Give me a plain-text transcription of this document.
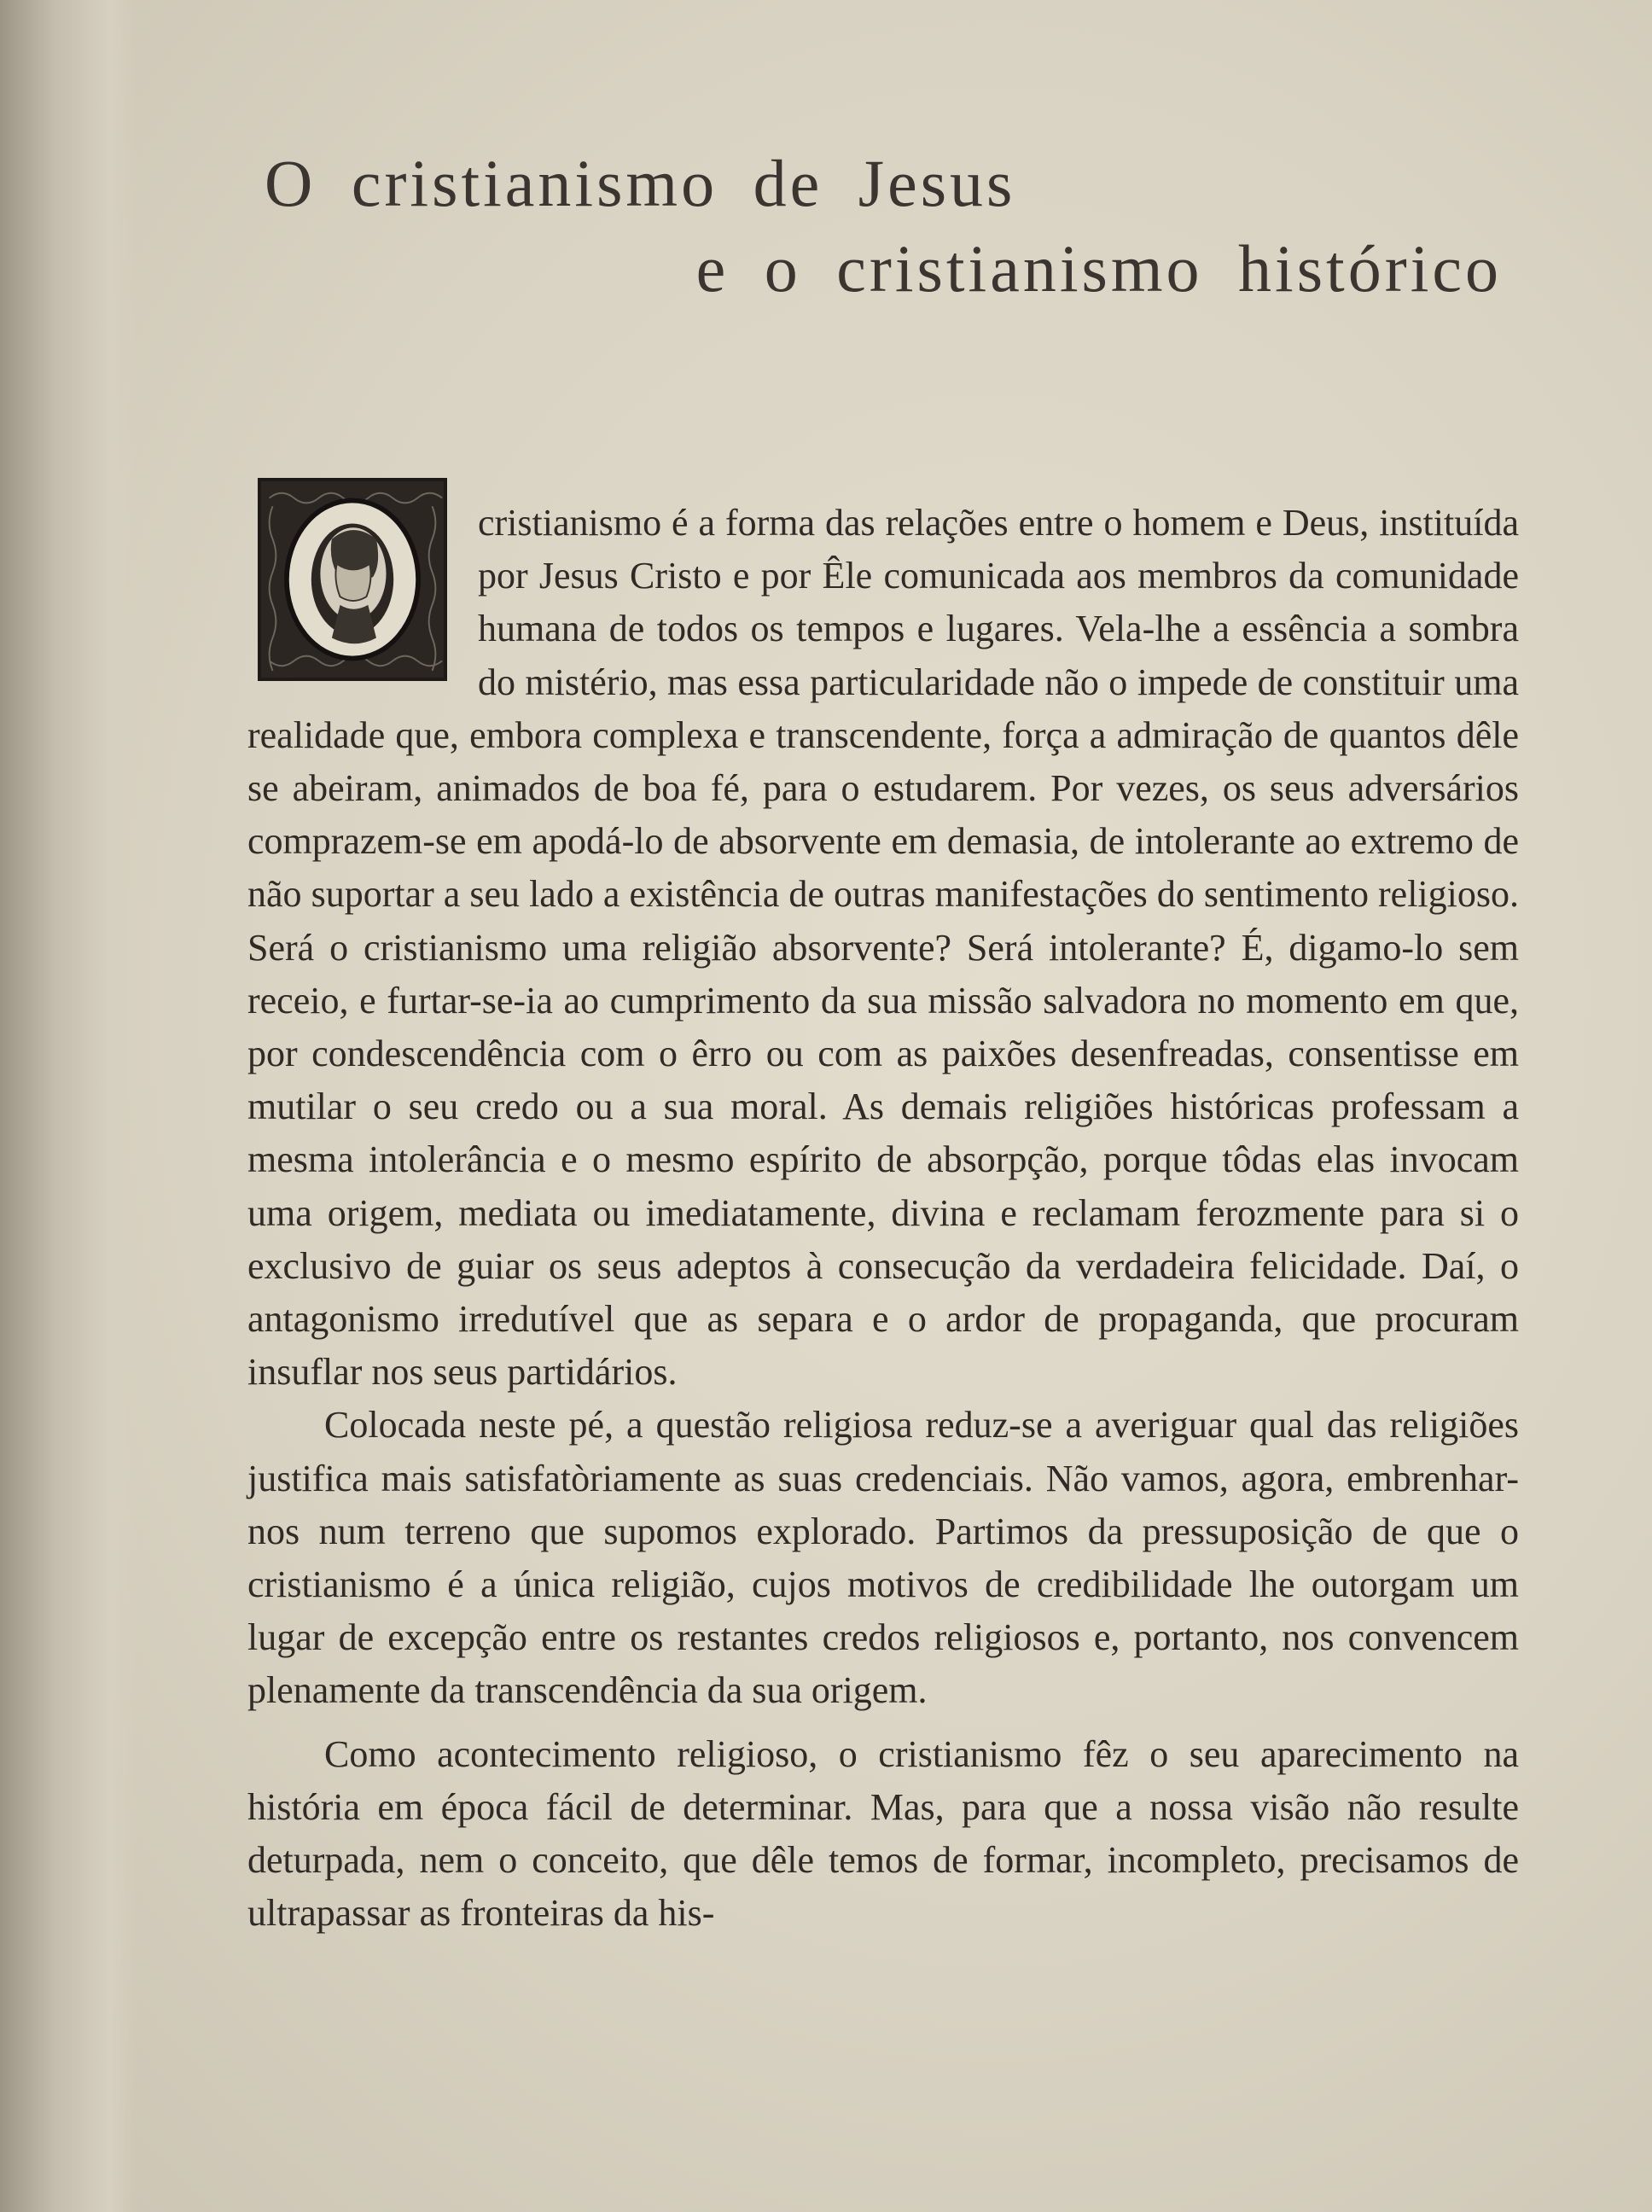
O cristianismo de Jesus
e o cristianismo histórico

cristianismo é a forma das relações entre o homem e Deus, instituída por Jesus Cristo e por Êle comunicada aos membros da comunidade humana de todos os tempos e lugares. Vela-lhe a essência a sombra do mistério, mas essa particularidade não o impede de constituir uma realidade que, embora complexa e transcendente, força a admiração de quantos dêle se abeiram, animados de boa fé, para o estudarem. Por vezes, os seus adversários comprazem-se em apodá-lo de absorvente em demasia, de intolerante ao extremo de não suportar a seu lado a existência de outras manifestações do sentimento religioso. Será o cristianismo uma religião absorvente? Será intolerante? É, digamo-lo sem receio, e furtar-se-ia ao cumprimento da sua missão salvadora no momento em que, por condescendência com o êrro ou com as paixões desenfreadas, consentisse em mutilar o seu credo ou a sua moral. As demais religiões históricas professam a mesma intolerância e o mesmo espírito de absorpção, porque tôdas elas invocam uma origem, mediata ou imediatamente, divina e reclamam ferozmente para si o exclusivo de guiar os seus adeptos à consecução da verdadeira felicidade. Daí, o antagonismo irredutível que as separa e o ardor de propaganda, que procuram insuflar nos seus partidários.

Colocada neste pé, a questão religiosa reduz-se a averiguar qual das religiões justifica mais satisfatòriamente as suas credenciais. Não vamos, agora, embrenhar-nos num terreno que supomos explorado. Partimos da pressuposição de que o cristianismo é a única religião, cujos motivos de credibilidade lhe outorgam um lugar de excepção entre os restantes credos religiosos e, portanto, nos convencem plenamente da transcendência da sua origem.

Como acontecimento religioso, o cristianismo fêz o seu aparecimento na história em época fácil de determinar. Mas, para que a nossa visão não resulte deturpada, nem o conceito, que dêle temos de formar, incompleto, precisamos de ultrapassar as fronteiras da his-
